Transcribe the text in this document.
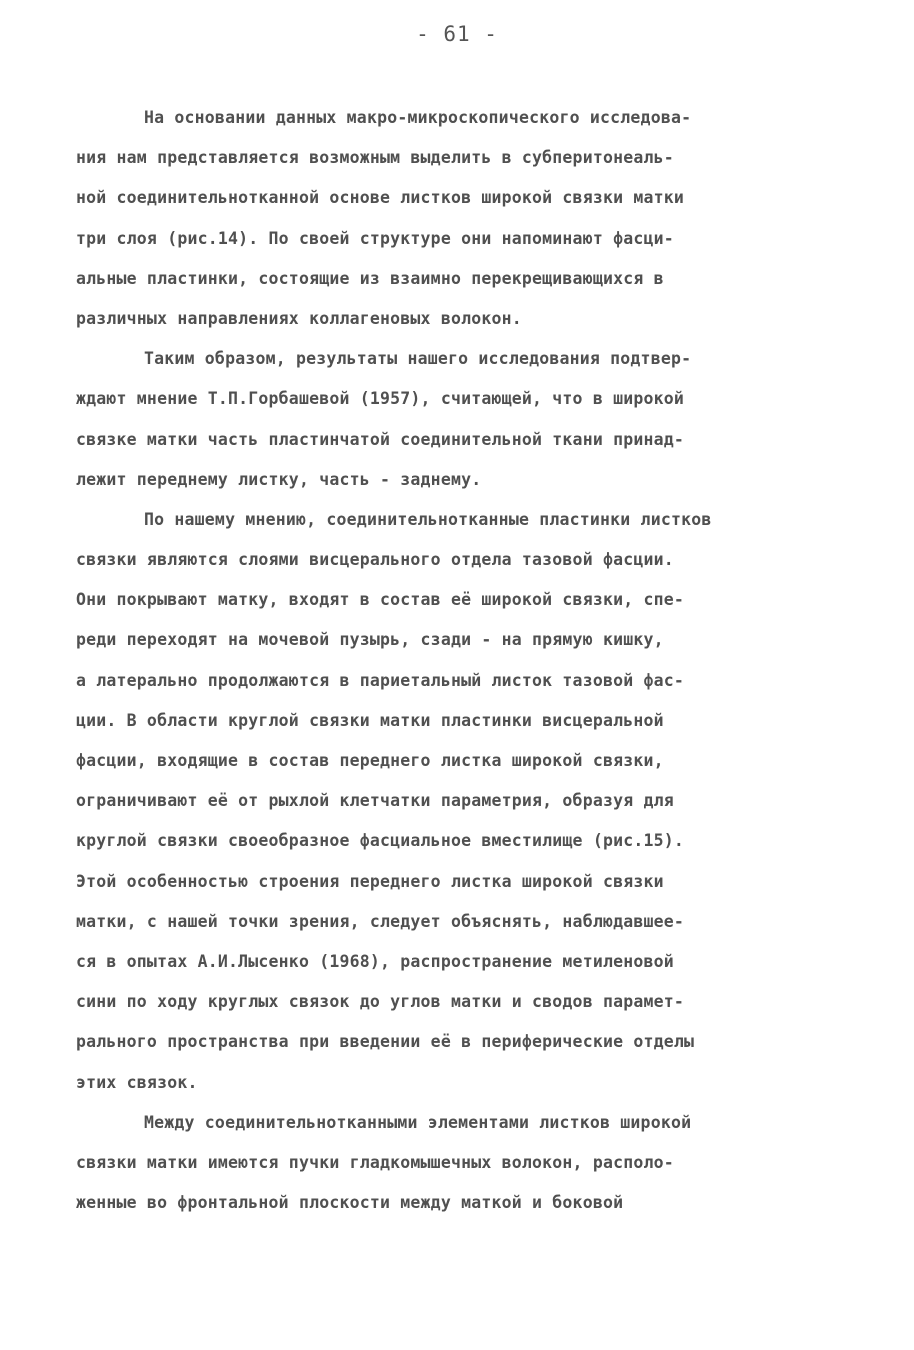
- 61 -
На основании данных макро-микроскопического исследова-
ния нам представляется возможным выделить в субперитонеаль-
ной соединительнотканной основе листков широкой связки матки
три слоя (рис.14). По своей структуре они напоминают фасци-
альные пластинки, состоящие из взаимно перекрещивающихся в
различных направлениях коллагеновых волокон.
Таким образом, результаты нашего исследования подтвер-
ждают мнение Т.П.Горбашевой (1957), считающей, что в широкой
связке матки часть пластинчатой соединительной ткани принад-
лежит переднему листку, часть - заднему.
По нашему мнению, соединительнотканные пластинки листков
связки являются слоями висцерального отдела тазовой фасции.
Они покрывают матку, входят в состав её широкой связки, спе-
реди переходят на мочевой пузырь, сзади - на прямую кишку,
а латерально продолжаются в париетальный листок тазовой фас-
ции. В области круглой связки матки пластинки висцеральной
фасции, входящие в состав переднего листка широкой связки,
ограничивают её от рыхлой клетчатки параметрия, образуя для
круглой связки своеобразное фасциальное вместилище (рис.15).
Этой особенностью строения переднего листка широкой связки
матки, с нашей точки зрения, следует объяснять, наблюдавшее-
ся в опытах А.И.Лысенко (1968), распространение метиленовой
сини по ходу круглых связок до углов матки и сводов парамет-
рального пространства при введении её в периферические отделы
этих связок.
Между соединительнотканными элементами листков широкой
связки матки имеются пучки гладкомышечных волокон, располо-
женные во фронтальной плоскости между маткой и боковой
